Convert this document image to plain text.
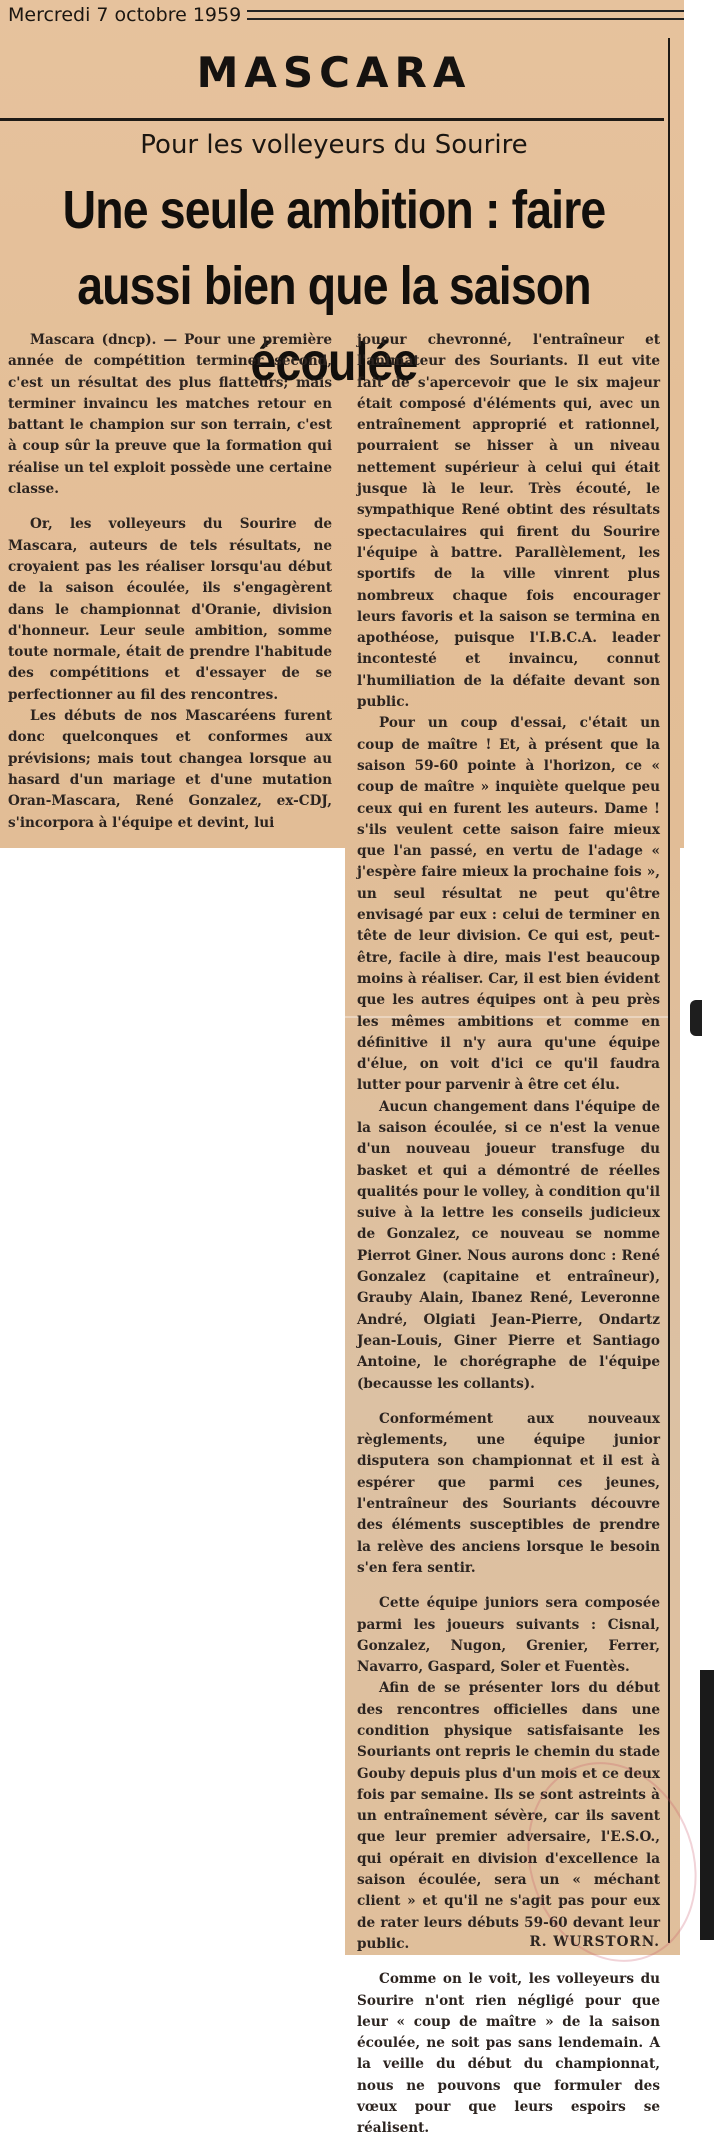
Mercredi 7 octobre 1959
MASCARA
Pour les volleyeurs du Sourire
Une seule ambition : faire
aussi bien que la saison écoulée

Mascara (dncp). — Pour une première année de compétition terminer second, c'est un résultat des plus flatteurs; mais terminer invaincu les matches retour en battant le champion sur son terrain, c'est à coup sûr la preuve que la formation qui réalise un tel exploit possède une certaine classe.

Or, les volleyeurs du Sourire de Mascara, auteurs de tels résultats, ne croyaient pas les réaliser lorsqu'au début de la saison écoulée, ils s'engagèrent dans le championnat d'Oranie, division d'honneur. Leur seule ambition, somme toute normale, était de prendre l'habitude des compétitions et d'essayer de se perfectionner au fil des rencontres.

Les débuts de nos Mascaréens furent donc quelconques et conformes aux prévisions; mais tout changea lorsque au hasard d'un mariage et d'une mutation Oran-Mascara, René Gonzalez, ex-CDJ, s'incorpora à l'équipe et devint, lui

joueur chevronné, l'entraîneur et l'animateur des Souriants. Il eut vite fait de s'apercevoir que le six majeur était composé d'éléments qui, avec un entraînement approprié et rationnel, pourraient se hisser à un niveau nettement supérieur à celui qui était jusque là le leur. Très écouté, le sympathique René obtint des résultats spectaculaires qui firent du Sourire l'équipe à battre. Parallèlement, les sportifs de la ville vinrent plus nombreux chaque fois encourager leurs favoris et la saison se termina en apothéose, puisque l'I.B.C.A. leader incontesté et invaincu, connut l'humiliation de la défaite devant son public.

Pour un coup d'essai, c'était un coup de maître ! Et, à présent que la saison 59-60 pointe à l'horizon, ce « coup de maître » inquiète quelque peu ceux qui en furent les auteurs. Dame ! s'ils veulent cette saison faire mieux que l'an passé, en vertu de l'adage « j'espère faire mieux la prochaine fois », un seul résultat ne peut qu'être envisagé par eux : celui de terminer en tête de leur division. Ce qui est, peut-être, facile à dire, mais l'est beaucoup moins à réaliser. Car, il est bien évident que les autres équipes ont à peu près les mêmes ambitions et comme en définitive il n'y aura qu'une équipe d'élue, on voit d'ici ce qu'il faudra lutter pour parvenir à être cet élu.

Aucun changement dans l'équipe de la saison écoulée, si ce n'est la venue d'un nouveau joueur transfuge du basket et qui a démontré de réelles qualités pour le volley, à condition qu'il suive à la lettre les conseils judicieux de Gonzalez, ce nouveau se nomme Pierrot Giner. Nous aurons donc : René Gonzalez (capitaine et entraîneur), Grauby Alain, Ibanez René, Leveronne André, Olgiati Jean-Pierre, Ondartz Jean-Louis, Giner Pierre et Santiago Antoine, le chorégraphe de l'équipe (becausse les collants).

Conformément aux nouveaux règlements, une équipe junior disputera son championnat et il est à espérer que parmi ces jeunes, l'entraîneur des Souriants découvre des éléments susceptibles de prendre la relève des anciens lorsque le besoin s'en fera sentir.

Cette équipe juniors sera composée parmi les joueurs suivants : Cisnal, Gonzalez, Nugon, Grenier, Ferrer, Navarro, Gaspard, Soler et Fuentès.

Afin de se présenter lors du début des rencontres officielles dans une condition physique satisfaisante les Souriants ont repris le chemin du stade Gouby depuis plus d'un mois et ce deux fois par semaine. Ils se sont astreints à un entraînement sévère, car ils savent que leur premier adversaire, l'E.S.O., qui opérait en division d'excellence la saison écoulée, sera un « méchant client » et qu'il ne s'agit pas pour eux de rater leurs débuts 59-60 devant leur public.

Comme on le voit, les volleyeurs du Sourire n'ont rien négligé pour que leur « coup de maître » de la saison écoulée, ne soit pas sans lendemain. A la veille du début du championnat, nous ne pouvons que formuler des vœux pour que leurs espoirs se réalisent.

R. WURSTORN.
